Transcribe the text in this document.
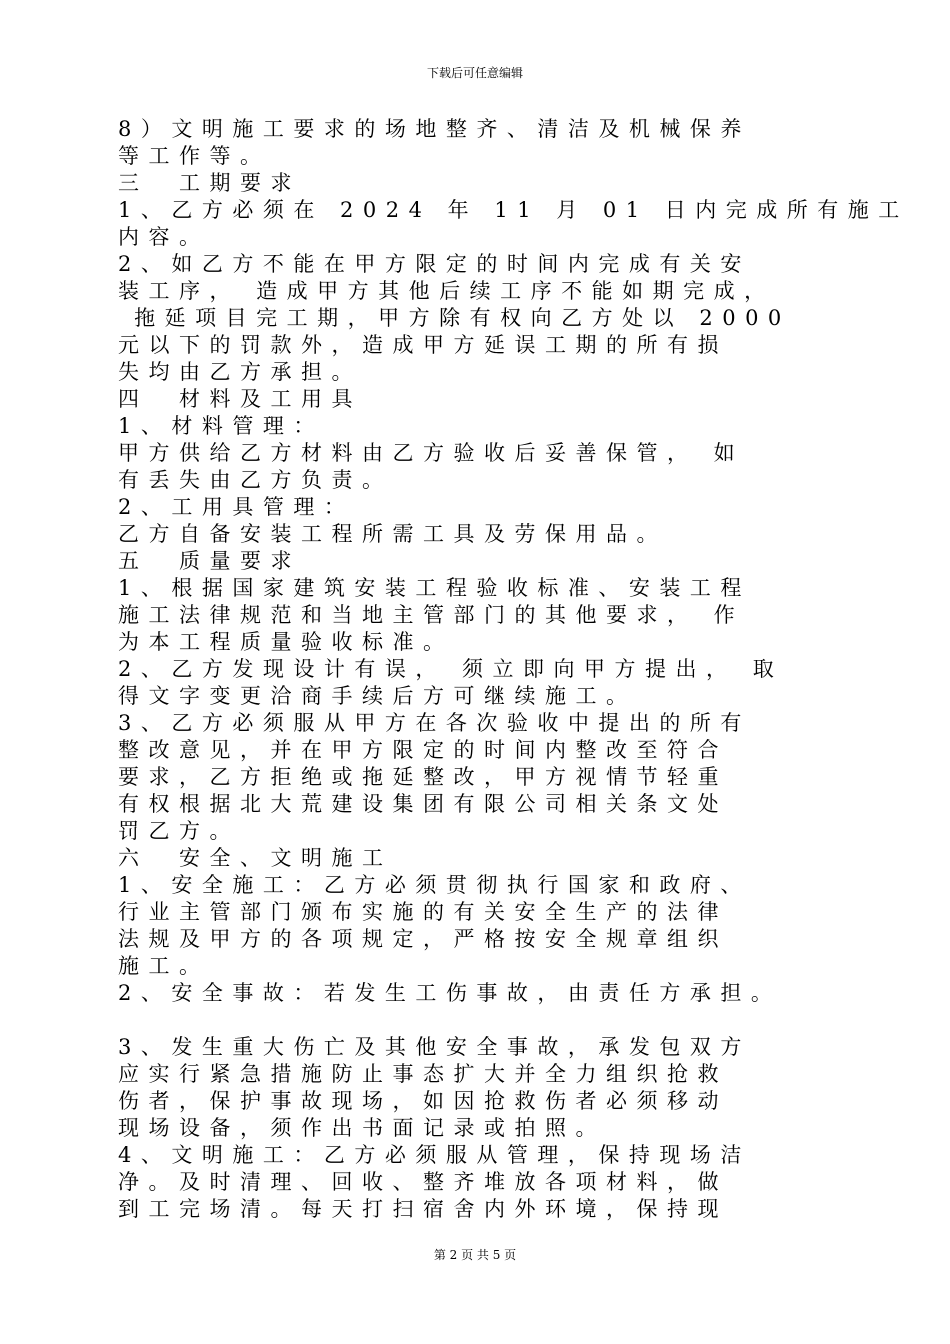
下载后可任意编辑
8）文明施工要求的场地整齐、清洁及机械保养
等工作等。
三　工期要求
1、乙方必须在 2024 年 11 月 01 日内完成所有施工
内容。
2、如乙方不能在甲方限定的时间内完成有关安
装工序， 造成甲方其他后续工序不能如期完成，
拖延项目完工期，甲方除有权向乙方处以 2000
元以下的罚款外，造成甲方延误工期的所有损
失均由乙方承担。
四　材料及工用具
1、材料管理：
甲方供给乙方材料由乙方验收后妥善保管， 如
有丢失由乙方负责。
2、工用具管理：
乙方自备安装工程所需工具及劳保用品。
五　质量要求
1、根据国家建筑安装工程验收标准、安装工程
施工法律规范和当地主管部门的其他要求， 作
为本工程质量验收标准。
2、乙方发现设计有误， 须立即向甲方提出， 取
得文字变更洽商手续后方可继续施工。
3、乙方必须服从甲方在各次验收中提出的所有
整改意见，并在甲方限定的时间内整改至符合
要求，乙方拒绝或拖延整改，甲方视情节轻重
有权根据北大荒建设集团有限公司相关条文处
罚乙方。
六　安全、文明施工
1、安全施工：乙方必须贯彻执行国家和政府、
行业主管部门颁布实施的有关安全生产的法律
法规及甲方的各项规定，严格按安全规章组织
施工。
2、安全事故：若发生工伤事故，由责任方承担。
3、发生重大伤亡及其他安全事故，承发包双方
应实行紧急措施防止事态扩大并全力组织抢救
伤者，保护事故现场，如因抢救伤者必须移动
现场设备，须作出书面记录或拍照。
4、文明施工：乙方必须服从管理，保持现场洁
净。及时清理、回收、整齐堆放各项材料，做
到工完场清。每天打扫宿舍内外环境，保持现
第 2 页 共 5 页
